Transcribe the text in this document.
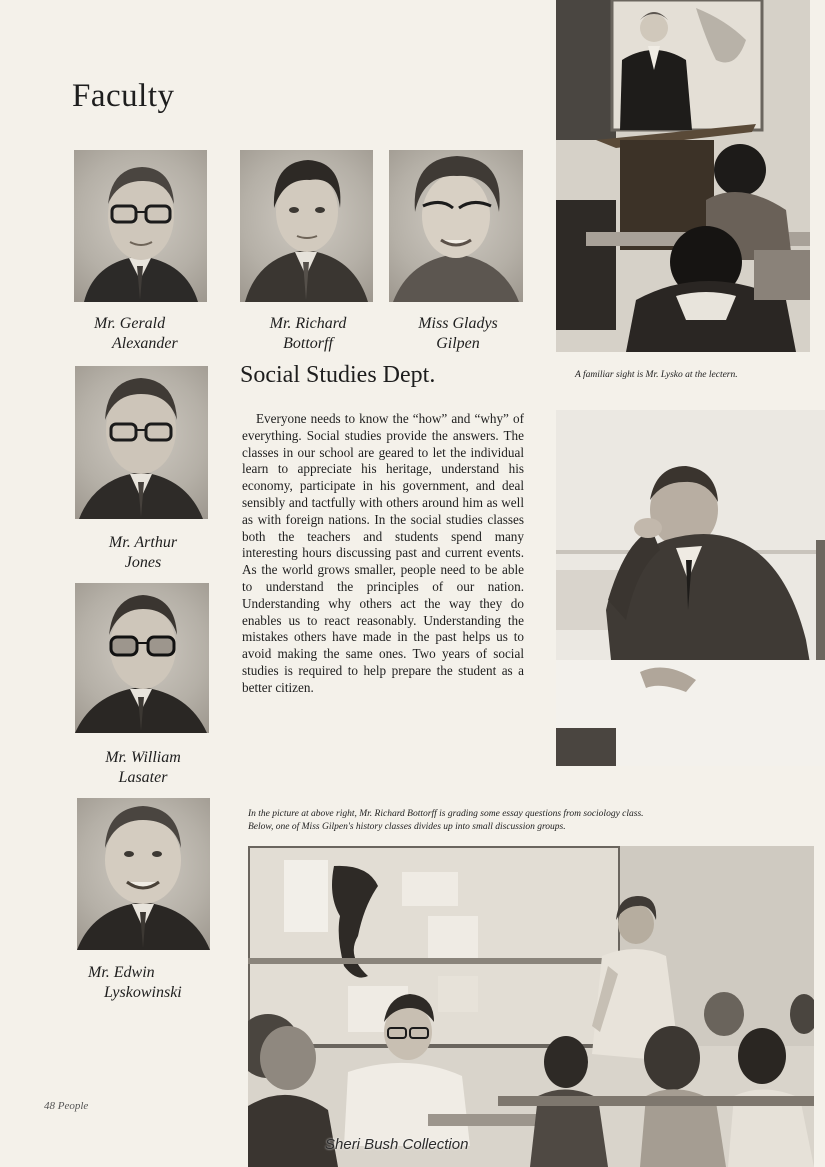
Faculty
Mr. Gerald
Alexander
Mr. Richard
Bottorff
Miss Gladys
Gilpen
Mr. Arthur
Jones
Mr. William
Lasater
Mr. Edwin
Lyskowinski
Social Studies Dept.

Everyone needs to know the “how” and “why” of everything. Social studies provide the answers. The classes in our school are geared to let the individual learn to appreciate his heritage, understand his economy, participate in his government, and deal sensibly and tactfully with others around him as well as with foreign nations. In the social studies classes both the teachers and students spend many interesting hours discussing past and current events. As the world grows smaller, people need to be able to understand the principles of our nation. Understanding why others act the way they do enables us to react reasonably. Understanding the mistakes others have made in the past helps us to avoid making the same ones. Two years of social studies is required to help prepare the student as a better citizen.

A familiar sight is Mr. Lysko at the lectern.

In the picture at above right, Mr. Richard Bottorff is grading some essay questions from sociology class.

Below, one of Miss Gilpen's history classes divides up into small discussion groups.

48 People
Sheri Bush Collection
